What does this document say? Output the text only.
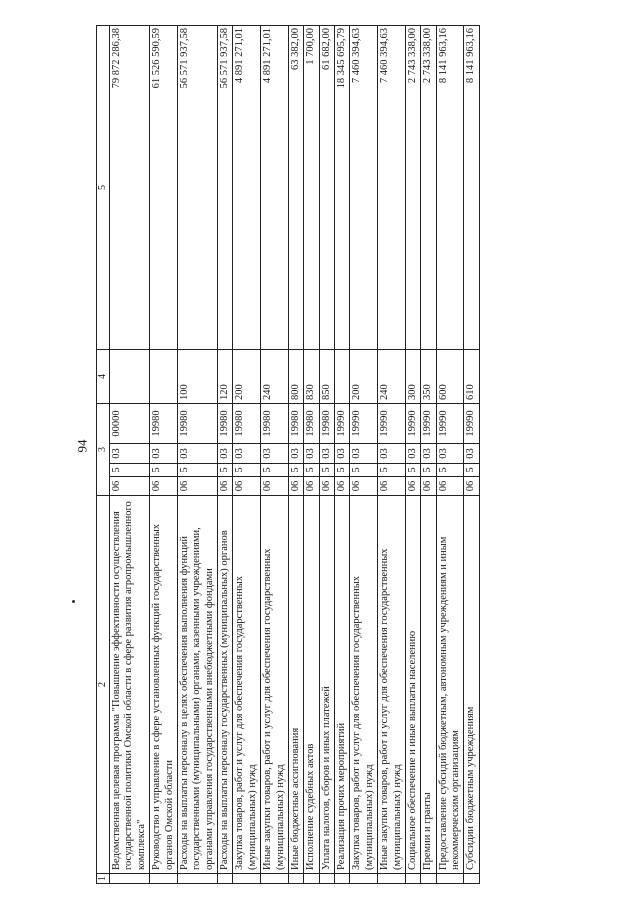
94
1	2	3				4	5
	Ведомственная целевая программа "Повышение эффективности осуществления государственной политики Омской области в сфере развития агропромышленного комплекса"	06	5	03	00000		79 872 286,38
	Руководство и управление в сфере установленных функций государственных органов Омской области	06	5	03	19980		61 526 590,59
	Расходы на выплаты персоналу в целях обеспечения выполнения функций государственными (муниципальными) органами, казенными учреждениями, органами управления государственными внебюджетными фондами	06	5	03	19980	100	56 571 937,58
	Расходы на выплаты персоналу государственных (муниципальных) органов	06	5	03	19980	120	56 571 937,58
	Закупка товаров, работ и услуг для обеспечения государственных (муниципальных) нужд	06	5	03	19980	200	4 891 271,01
	Иные закупки товаров, работ и услуг для обеспечения государственных (муниципальных) нужд	06	5	03	19980	240	4 891 271,01
	Иные бюджетные ассигнования	06	5	03	19980	800	63 382,00
	Исполнение судебных актов	06	5	03	19980	830	1 700,00
	Уплата налогов, сборов и иных платежей	06	5	03	19980	850	61 682,00
	Реализация прочих мероприятий	06	5	03	19990		18 345 695,79
	Закупка товаров, работ и услуг для обеспечения государственных (муниципальных) нужд	06	5	03	19990	200	7 460 394,63
	Иные закупки товаров, работ и услуг для обеспечения государственных (муниципальных) нужд	06	5	03	19990	240	7 460 394,63
	Социальное обеспечение и иные выплаты населению	06	5	03	19990	300	2 743 338,00
	Премии и гранты	06	5	03	19990	350	2 743 338,00
	Предоставление субсидий бюджетным, автономным учреждениям и иным некоммерческим организациям	06	5	03	19990	600	8 141 963,16
	Субсидии бюджетным учреждениям	06	5	03	19990	610	8 141 963,16
